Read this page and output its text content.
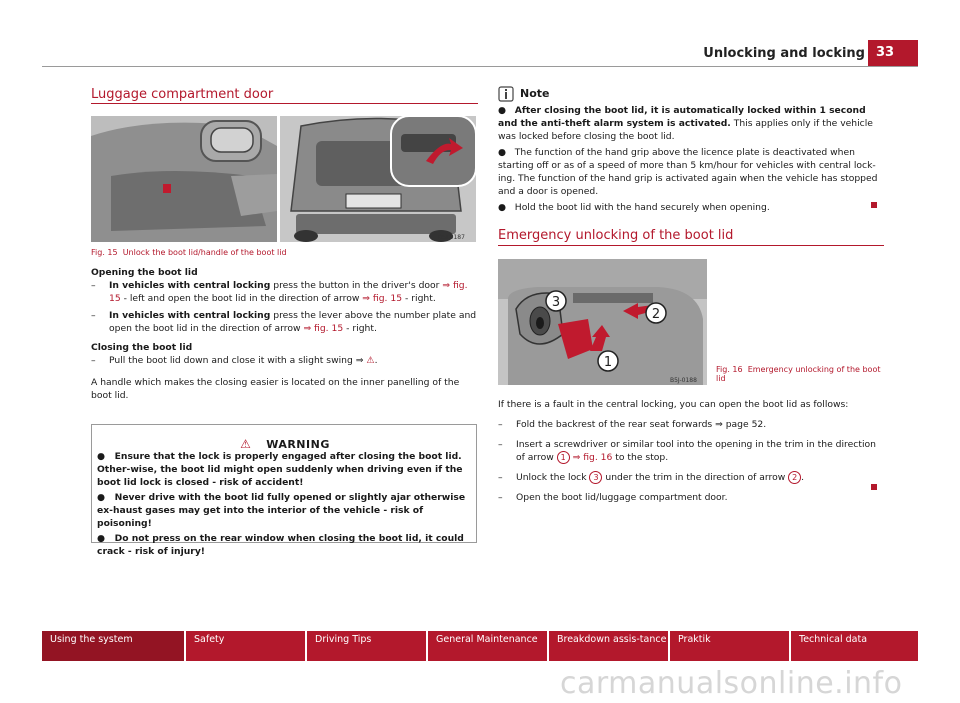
Unlocking and locking 33
Luggage compartment door
B5J-0187
Fig. 15 Unlock the boot lid/handle of the boot lid
Opening the boot lid
– In vehicles with central locking press the button in the driver's door ⇒ fig. 15 - left and open the boot lid in the direction of arrow ⇒ fig. 15 - right.
– In vehicles with central locking press the lever above the number plate and open the boot lid in the direction of arrow ⇒ fig. 15 - right.
Closing the boot lid
– Pull the boot lid down and close it with a slight swing ⇒ ⚠.
A handle which makes the closing easier is located on the inner panelling of the boot lid.
⚠ WARNING
●   Ensure that the lock is properly engaged after closing the boot lid. Other-wise, the boot lid might open suddenly when driving even if the boot lid lock is closed - risk of accident!
●   Never drive with the boot lid fully opened or slightly ajar otherwise ex-haust gases may get into the interior of the vehicle - risk of poisoning!
●   Do not press on the rear window when closing the boot lid, it could crack - risk of injury!
Note
●   After closing the boot lid, it is automatically locked within 1 second and the anti-theft alarm system is activated. This applies only if the vehicle was locked before closing the boot lid.
●   The function of the hand grip above the licence plate is deactivated when starting off or as of a speed of more than 5 km/hour for vehicles with central lock-ing. The function of the hand grip is activated again when the vehicle has stopped and a door is opened.
●   Hold the boot lid with the hand securely when opening.
Emergency unlocking of the boot lid
3
2
1
B5J-0188
Fig. 16 Emergency unlocking of the boot lid
If there is a fault in the central locking, you can open the boot lid as follows:
– Fold the backrest of the rear seat forwards ⇒ page 52.
– Insert a screwdriver or similar tool into the opening in the trim in the direction of arrow 1 ⇒ fig. 16 to the stop.
– Unlock the lock 3 under the trim in the direction of arrow 2 .
– Open the boot lid/luggage compartment door.
Using the system	Safety	Driving Tips	General Maintenance	Breakdown assis-tance	Praktik	Technical data
carmanualsonline.info
